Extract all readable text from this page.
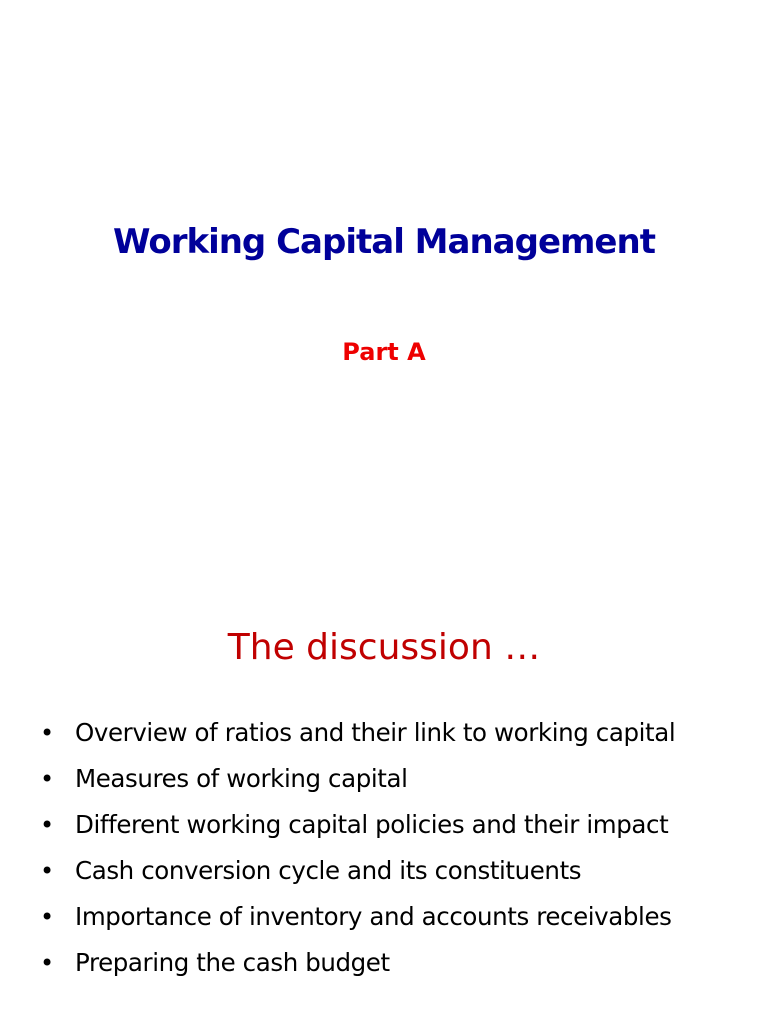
Working Capital Management
Part A
The discussion …
• Overview of ratios and their link to working capital
• Measures of working capital
• Different working capital policies and their impact
• Cash conversion cycle and its constituents
• Importance of inventory and accounts receivables
• Preparing the cash budget
